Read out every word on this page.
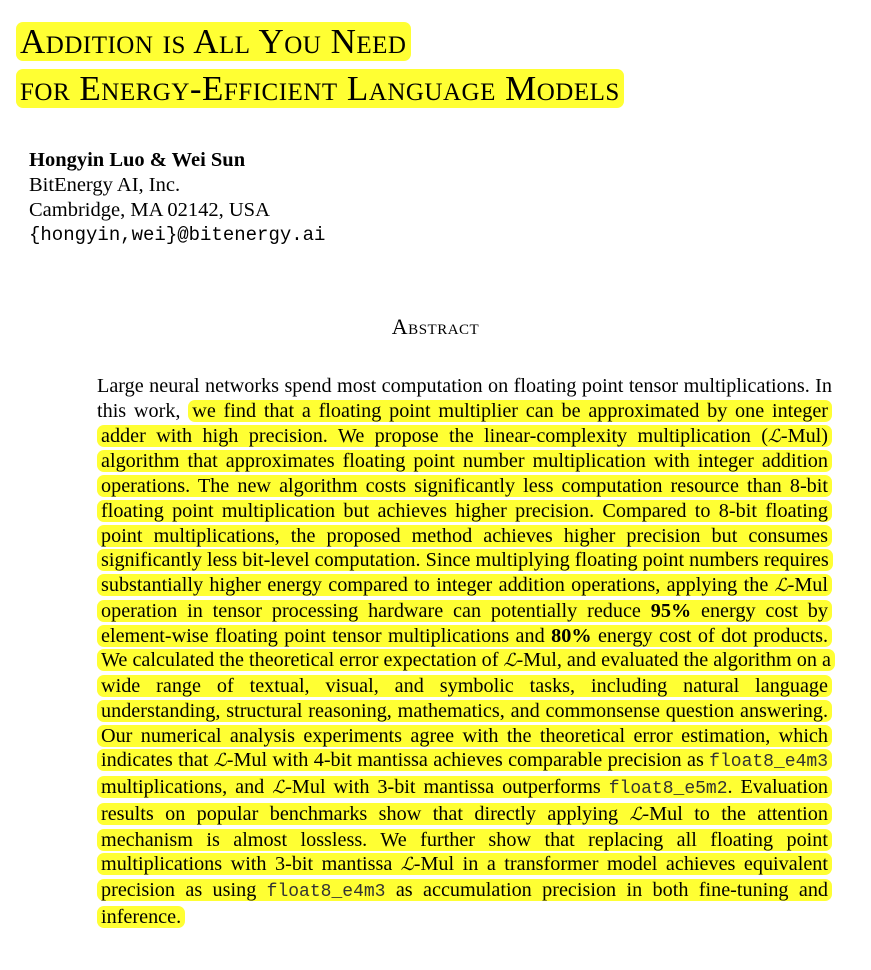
Addition is All You Need
for Energy-Efficient Language Models
Hongyin Luo & Wei Sun
BitEnergy AI, Inc.
Cambridge, MA 02142, USA
{hongyin,wei}@bitenergy.ai
Abstract

Large neural networks spend most computation on floating point tensor multiplications. In this work, we find that a floating point multiplier can be approximated by one integer adder with high precision. We propose the linear-complexity multiplication (ℒ-Mul) algorithm that approximates floating point number multiplication with integer addition operations. The new algorithm costs significantly less computation resource than 8-bit floating point multiplication but achieves higher precision. Compared to 8-bit floating point multiplications, the proposed method achieves higher precision but consumes significantly less bit-level computation. Since multiplying floating point numbers requires substantially higher energy compared to integer addition operations, applying the ℒ-Mul operation in tensor processing hardware can potentially reduce 95% energy cost by element-wise floating point tensor multiplications and 80% energy cost of dot products. We calculated the theoretical error expectation of ℒ-Mul, and evaluated the algorithm on a wide range of textual, visual, and symbolic tasks, including natural language understanding, structural reasoning, mathematics, and commonsense question answering. Our numerical analysis experiments agree with the theoretical error estimation, which indicates that ℒ-Mul with 4-bit mantissa achieves comparable precision as float8_e4m3 multiplications, and ℒ-Mul with 3-bit mantissa outperforms float8_e5m2. Evaluation results on popular benchmarks show that directly applying ℒ-Mul to the attention mechanism is almost lossless. We further show that replacing all floating point multiplications with 3-bit mantissa ℒ-Mul in a transformer model achieves equivalent precision as using float8_e4m3 as accumulation precision in both fine-tuning and inference.
